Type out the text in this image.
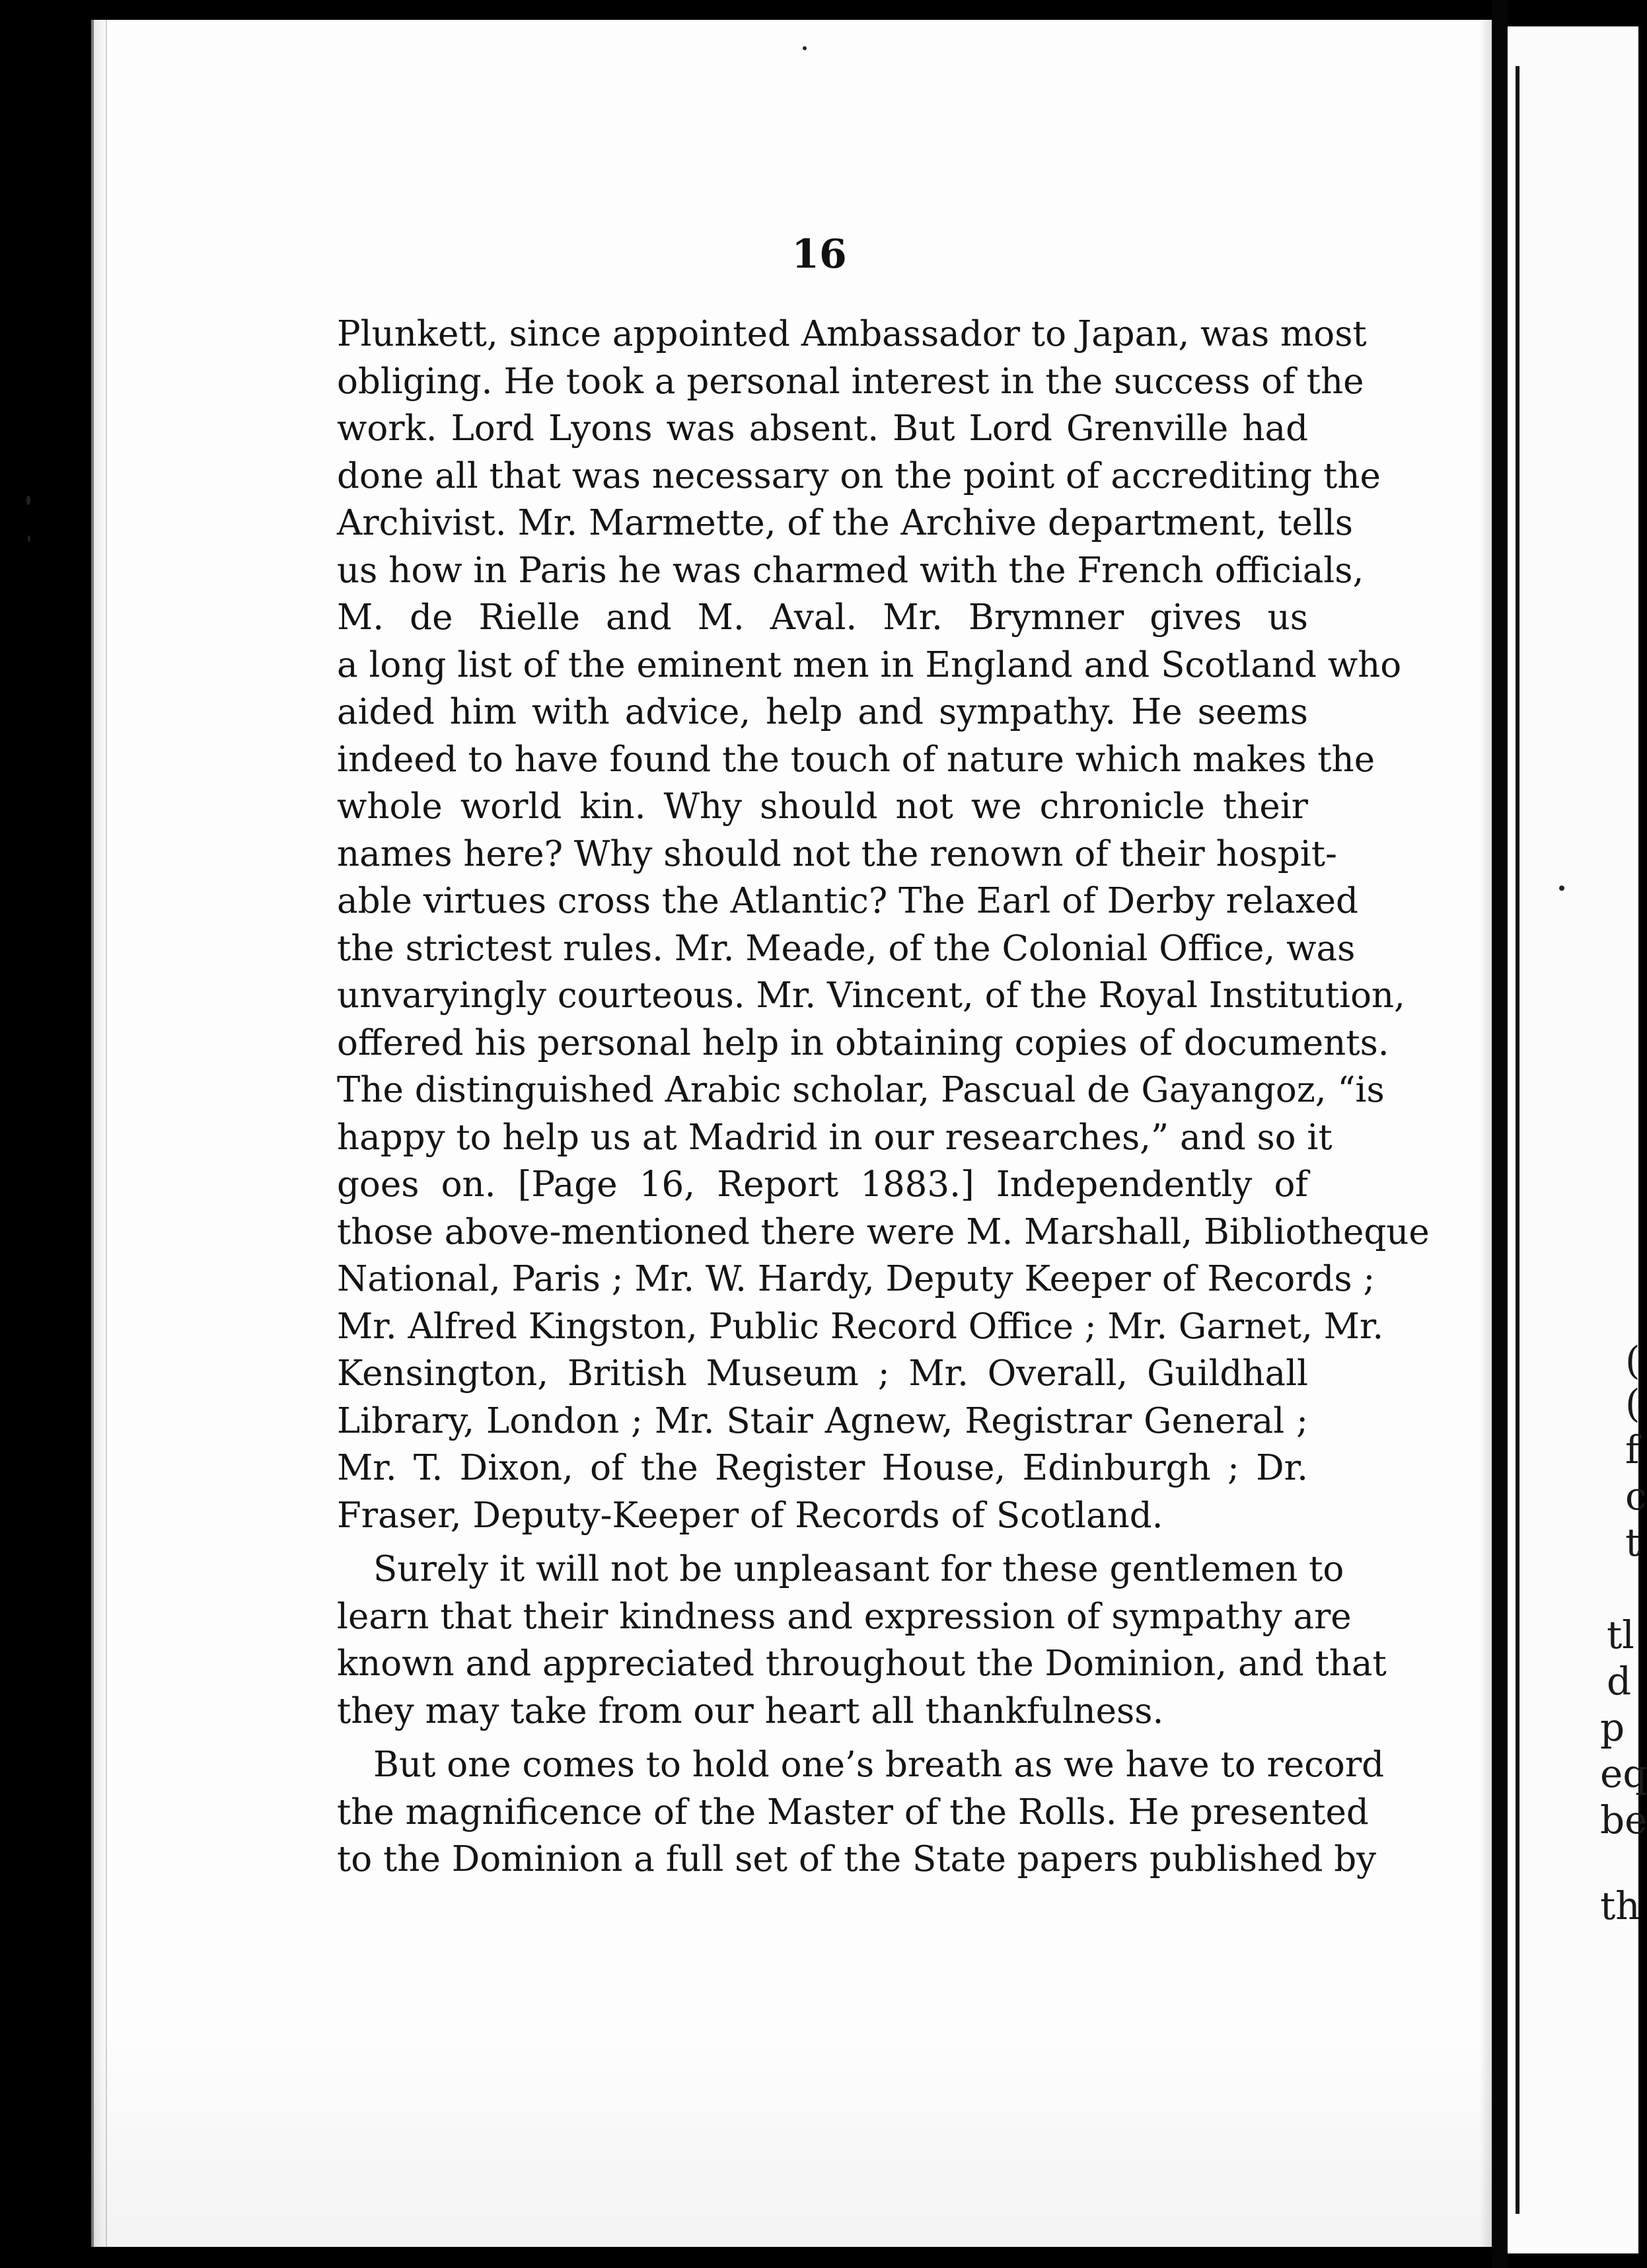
(
(
f
c
t
tl
d
p
eq
be
th
16
Plunkett, since appointed Ambassador to Japan, was most
obliging. He took a personal interest in the success of the
work. Lord Lyons was absent. But Lord Grenville had
done all that was necessary on the point of accrediting the
Archivist. Mr. Marmette, of the Archive department, tells
us how in Paris he was charmed with the French officials,
M. de Rielle and M. Aval. Mr. Brymner gives us
a long list of the eminent men in England and Scotland who
aided him with advice, help and sympathy. He seems
indeed to have found the touch of nature which makes the
whole world kin. Why should not we chronicle their
names here? Why should not the renown of their hospit-
able virtues cross the Atlantic? The Earl of Derby relaxed
the strictest rules. Mr. Meade, of the Colonial Office, was
unvaryingly courteous. Mr. Vincent, of the Royal Institution,
offered his personal help in obtaining copies of documents.
The distinguished Arabic scholar, Pascual de Gayangoz, “is
happy to help us at Madrid in our researches,” and so it
goes on. [Page 16, Report 1883.] Independently of
those above-mentioned there were M. Marshall, Bibliotheque
National, Paris ; Mr. W. Hardy, Deputy Keeper of Records ;
Mr. Alfred Kingston, Public Record Office ; Mr. Garnet, Mr.
Kensington, British Museum ; Mr. Overall, Guildhall
Library, London ; Mr. Stair Agnew, Registrar General ;
Mr. T. Dixon, of the Register House, Edinburgh ; Dr.
Fraser, Deputy-Keeper of Records of Scotland.
Surely it will not be unpleasant for these gentlemen to
learn that their kindness and expression of sympathy are
known and appreciated throughout the Dominion, and that
they may take from our heart all thankfulness.
But one comes to hold one’s breath as we have to record
the magnificence of the Master of the Rolls. He presented
to the Dominion a full set of the State papers published by
